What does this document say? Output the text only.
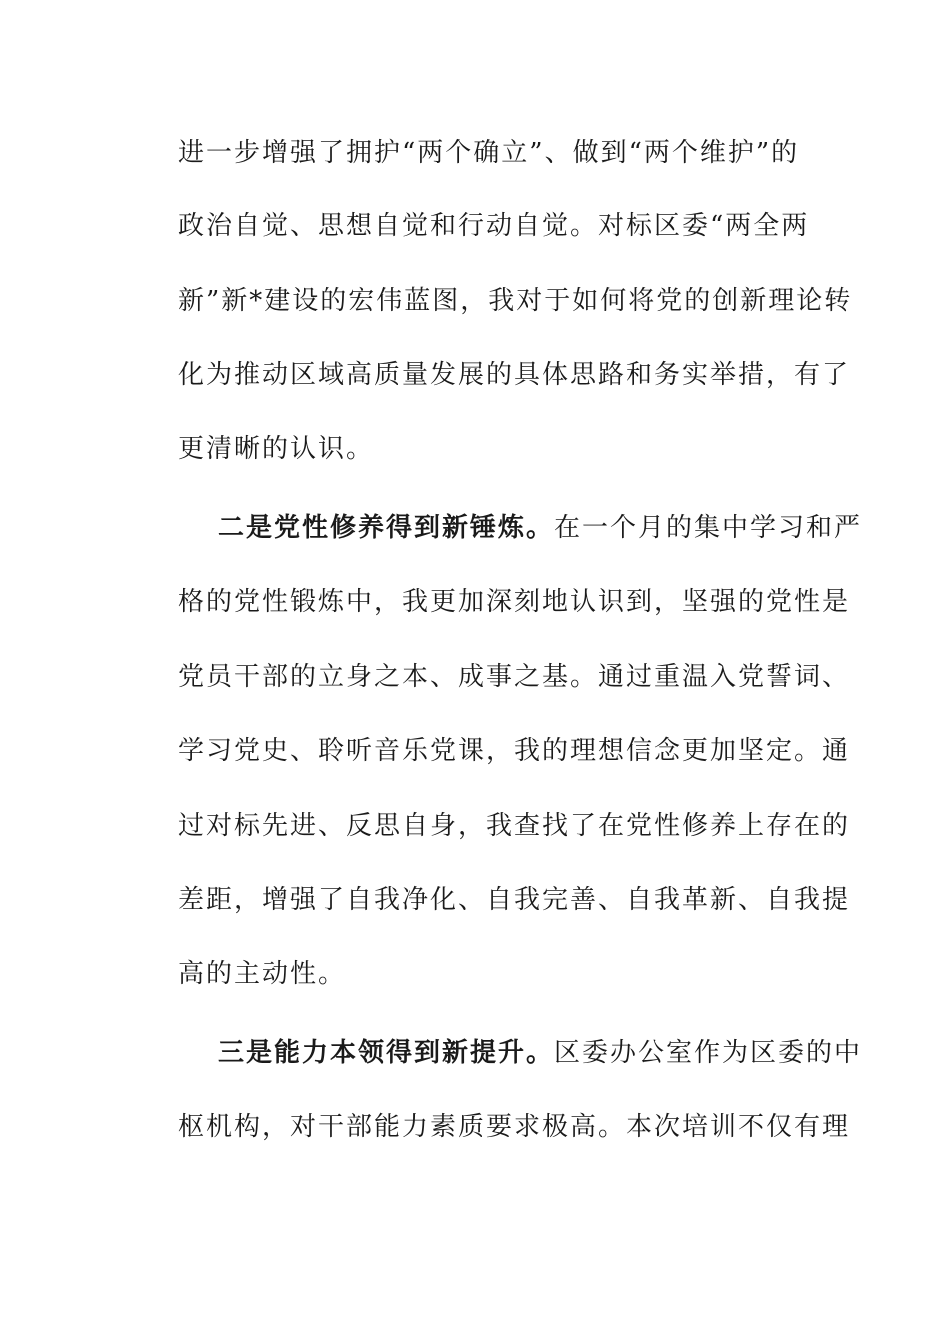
进一步增强了拥护“两个确立”、做到“两个维护”的
政治自觉、思想自觉和行动自觉。对标区委“两全两
新”新*建设的宏伟蓝图，我对于如何将党的创新理论转
化为推动区域高质量发展的具体思路和务实举措，有了
更清晰的认识。
二是党性修养得到新锤炼。在一个月的集中学习和严
格的党性锻炼中，我更加深刻地认识到，坚强的党性是
党员干部的立身之本、成事之基。通过重温入党誓词、
学习党史、聆听音乐党课，我的理想信念更加坚定。通
过对标先进、反思自身，我查找了在党性修养上存在的
差距，增强了自我净化、自我完善、自我革新、自我提
高的主动性。
三是能力本领得到新提升。区委办公室作为区委的中
枢机构，对干部能力素质要求极高。本次培训不仅有理
